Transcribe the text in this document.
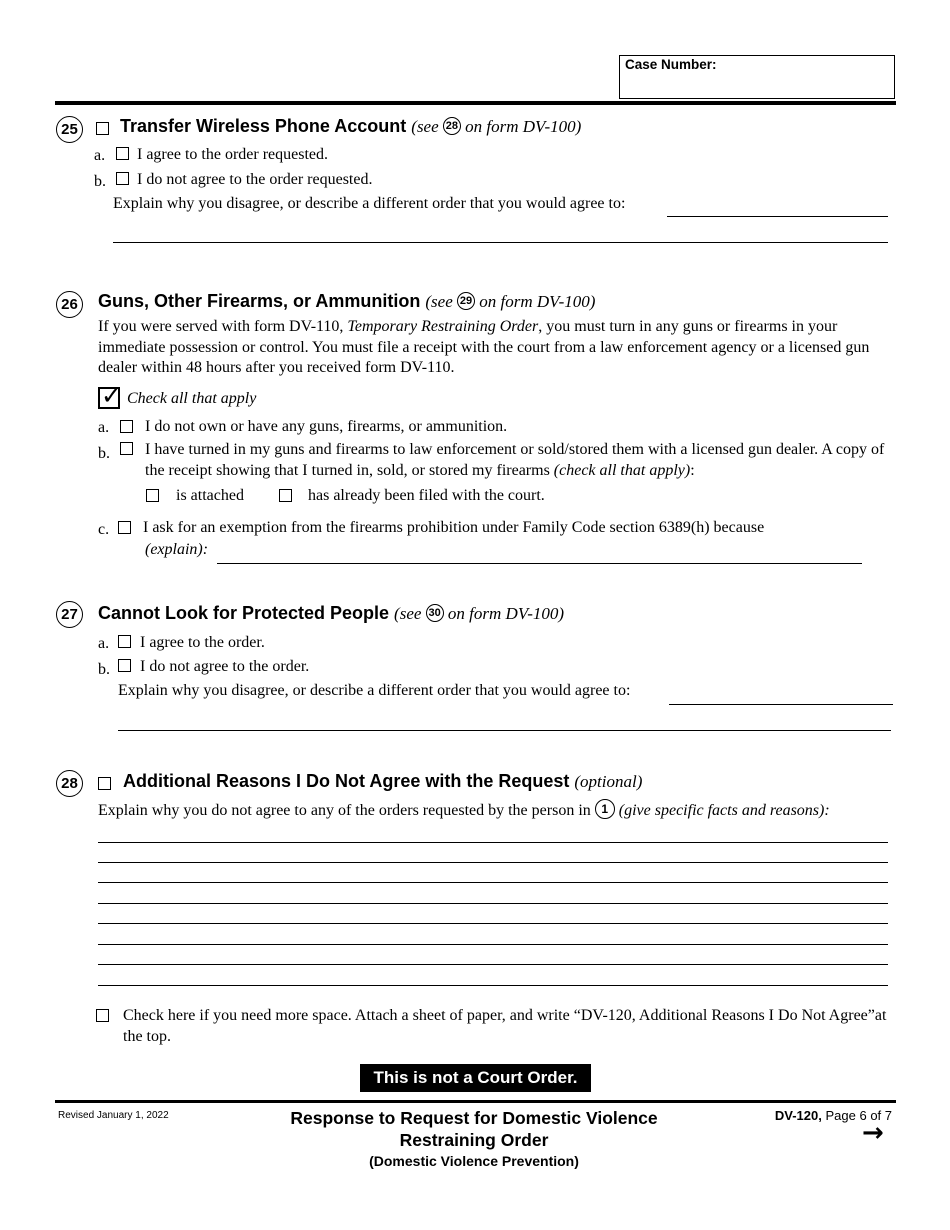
Case Number:
25 Transfer Wireless Phone Account (see 28 on form DV-100)
a. I agree to the order requested.
b. I do not agree to the order requested.
Explain why you disagree, or describe a different order that you would agree to:
26 Guns, Other Firearms, or Ammunition (see 29 on form DV-100)
If you were served with form DV-110, Temporary Restraining Order, you must turn in any guns or firearms in your immediate possession or control. You must file a receipt with the court from a law enforcement agency or a licensed gun dealer within 48 hours after you received form DV-110.
✓ Check all that apply
a. I do not own or have any guns, firearms, or ammunition.
b. I have turned in my guns and firearms to law enforcement or sold/stored them with a licensed gun dealer. A copy of the receipt showing that I turned in, sold, or stored my firearms (check all that apply):
is attached	has already been filed with the court.
c. I ask for an exemption from the firearms prohibition under Family Code section 6389(h) because
(explain):
27 Cannot Look for Protected People (see 30 on form DV-100)
a. I agree to the order.
b. I do not agree to the order.
Explain why you disagree, or describe a different order that you would agree to:
28	Additional Reasons I Do Not Agree with the Request (optional)
Explain why you do not agree to any of the orders requested by the person in 1 (give specific facts and reasons):
Check here if you need more space. Attach a sheet of paper, and write “DV-120, Additional Reasons I Do Not Agree”at the top.
This is not a Court Order.
Revised January 1, 2022	Response to Request for Domestic Violence
Restraining Order
(Domestic Violence Prevention)
DV-120, Page 6 of 7
→
